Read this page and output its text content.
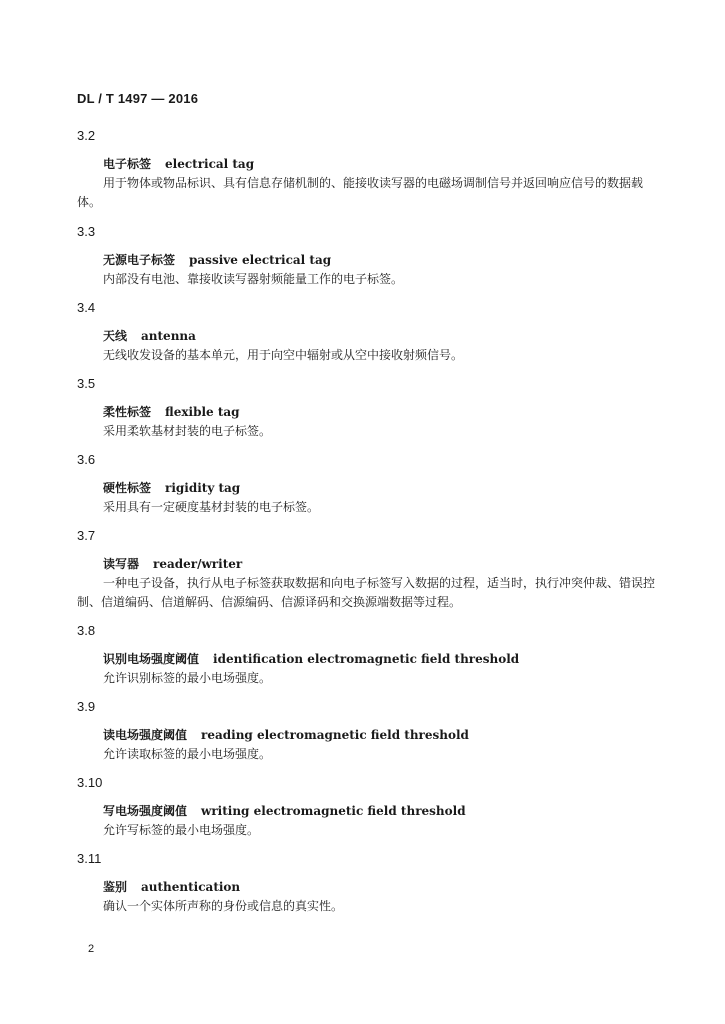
DL / T 1497 — 2016
3.2
电子标签 electrical tag
用于物体或物品标识、具有信息存储机制的、能接收读写器的电磁场调制信号并返回响应信号的数据载体。
3.3
无源电子标签 passive electrical tag
内部没有电池、靠接收读写器射频能量工作的电子标签。
3.4
天线 antenna
无线收发设备的基本单元，用于向空中辐射或从空中接收射频信号。
3.5
柔性标签 flexible tag
采用柔软基材封装的电子标签。
3.6
硬性标签 rigidity tag
采用具有一定硬度基材封装的电子标签。
3.7
读写器 reader/writer
一种电子设备，执行从电子标签获取数据和向电子标签写入数据的过程，适当时，执行冲突仲裁、错误控制、信道编码、信道解码、信源编码、信源译码和交换源端数据等过程。
3.8
识别电场强度阈值 identification electromagnetic field threshold
允许识别标签的最小电场强度。
3.9
读电场强度阈值 reading electromagnetic field threshold
允许读取标签的最小电场强度。
3.10
写电场强度阈值 writing electromagnetic field threshold
允许写标签的最小电场强度。
3.11
鉴别 authentication
确认一个实体所声称的身份或信息的真实性。
2
